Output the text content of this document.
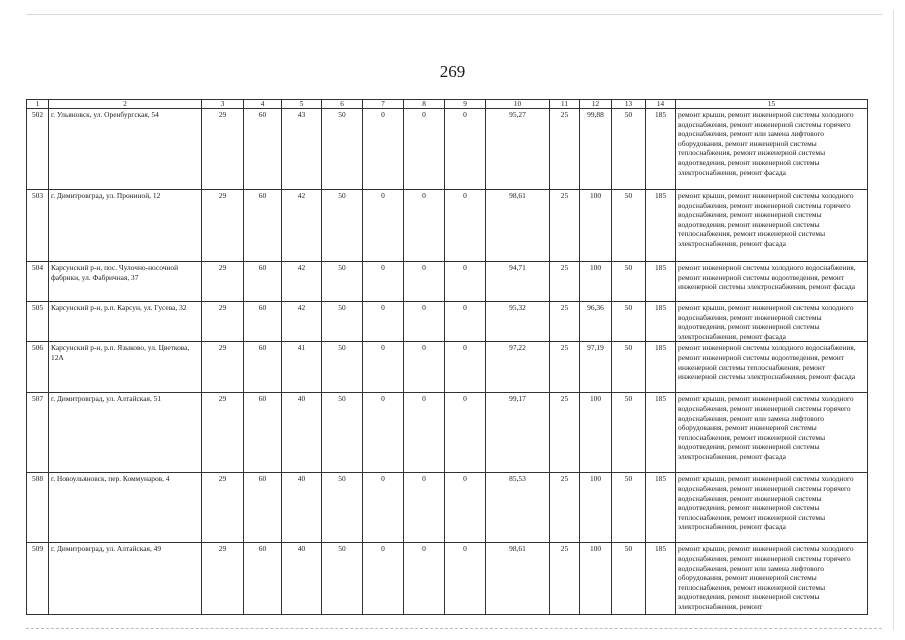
269
1	2	3	4	5	6	7	8	9	10	11	12	13	14	15
502	г. Ульяновск, ул. Оренбургская, 54	29	60	43	50	0	0	0	95,27	25	99,88	50	185	ремонт крыши, ремонт инженерной системы холодного водоснабжения, ремонт инженерной системы горячего водоснабжения, ремонт или замена лифтового оборудования, ремонт инженерной системы теплоснабжения, ремонт инженерной системы водоотведения, ремонт инженерной системы электроснабжения, ремонт фасада
503	г. Димитровград, ул. Прониной, 12	29	60	42	50	0	0	0	98,61	25	100	50	185	ремонт крыши, ремонт инженерной системы холодного водоснабжения, ремонт инженерной системы горячего водоснабжения, ремонт инженерной системы водоотведения, ремонт инженерной системы теплоснабжения, ремонт инженерной системы электроснабжения, ремонт фасада
504	Карсунский р-н, пос. Чулочно-носочной фабрики, ул. Фабричная, 37	29	60	42	50	0	0	0	94,71	25	100	50	185	ремонт инженерной системы холодного водоснабжения, ремонт инженерной системы водоотведения, ремонт инженерной системы электроснабжения, ремонт фасада
505	Карсунский р-н, р.п. Карсун, ул. Гусева, 32	29	60	42	50	0	0	0	95,32	25	96,36	50	185	ремонт крыши, ремонт инженерной системы холодного водоснабжения, ремонт инженерной системы водоотведения, ремонт инженерной системы электроснабжения, ремонт фасада
506	Карсунский р-н, р.п. Языково, ул. Цветкова, 12А	29	60	41	50	0	0	0	97,22	25	97,19	50	185	ремонт инженерной системы холодного водоснабжения, ремонт инженерной системы водоотведения, ремонт инженерной системы теплоснабжения, ремонт инженерной системы электроснабжения, ремонт фасада
507	г. Димитровград, ул. Алтайская, 51	29	60	40	50	0	0	0	99,17	25	100	50	185	ремонт крыши, ремонт инженерной системы холодного водоснабжения, ремонт инженерной системы горячего водоснабжения, ремонт или замена лифтового оборудования, ремонт инженерной системы теплоснабжения, ремонт инженерной системы водоотведения, ремонт инженерной системы электроснабжения, ремонт фасада
508	г. Новоульяновск, пер. Коммунаров, 4	29	60	40	50	0	0	0	85,53	25	100	50	185	ремонт крыши, ремонт инженерной системы холодного водоснабжения, ремонт инженерной системы горячего водоснабжения, ремонт инженерной системы водоотведения, ремонт инженерной системы теплоснабжения, ремонт инженерной системы электроснабжения, ремонт фасада
509	г. Димитровград, ул. Алтайская, 49	29	60	40	50	0	0	0	98,61	25	100	50	185	ремонт крыши, ремонт инженерной системы холодного водоснабжения, ремонт инженерной системы горячего водоснабжения, ремонт или замена лифтового оборудования, ремонт инженерной системы теплоснабжения, ремонт инженерной системы водоотведения, ремонт инженерной системы электроснабжения, ремонт
